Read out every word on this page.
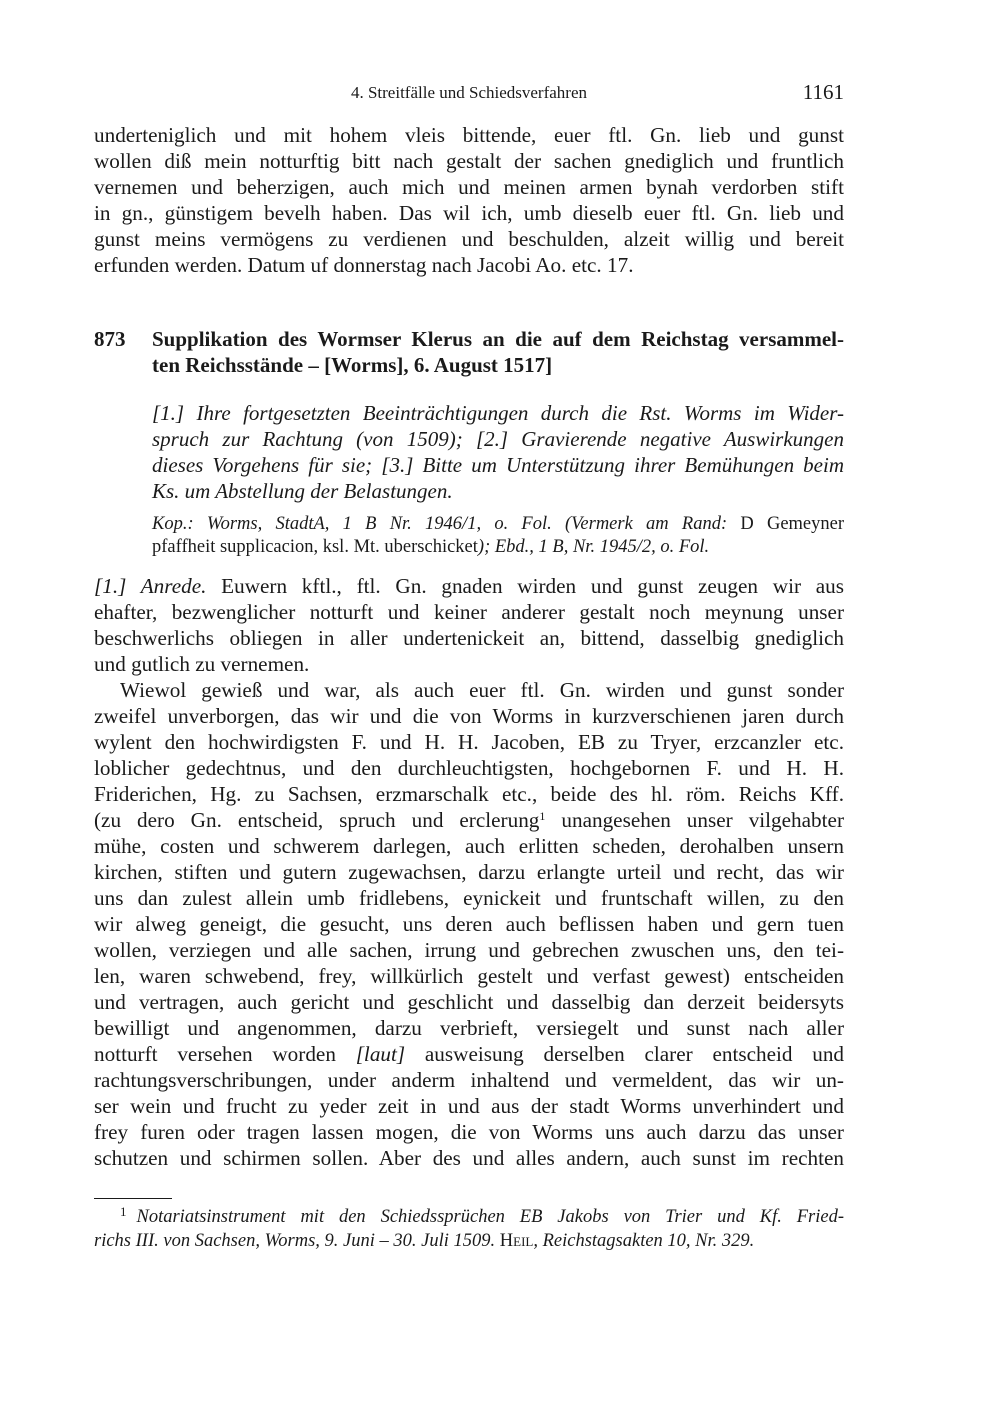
4. Streitfälle und Schiedsverfahren	1161
underteniglich und mit hohem vleis bittende, euer ftl. Gn. lieb und gunst
wollen diß mein notturftig bitt nach gestalt der sachen gnediglich und fruntlich
vernemen und beherzigen, auch mich und meinen armen bynah verdorben stift
in gn., günstigem bevelh haben. Das wil ich, umb dieselb euer ftl. Gn. lieb und
gunst meins vermögens zu verdienen und beschulden, alzeit willig und bereit
erfunden werden. Datum uf donnerstag nach Jacobi Ao. etc. 17.
873 Supplikation des Wormser Klerus an die auf dem Reichstag versammel-
ten Reichsstände – [Worms], 6. August 1517]
[1.] Ihre fortgesetzten Beeinträchtigungen durch die Rst. Worms im Wider-
spruch zur Rachtung (von 1509); [2.] Gravierende negative Auswirkungen
dieses Vorgehens für sie; [3.] Bitte um Unterstützung ihrer Bemühungen beim
Ks. um Abstellung der Belastungen.
Kop.: Worms, StadtA, 1 B Nr. 1946/1, o. Fol. (Vermerk am Rand: D Gemeyner
pfaffheit supplicacion, ksl. Mt. uberschicket); Ebd., 1 B, Nr. 1945/2, o. Fol.
[1.] Anrede. Euwern kftl., ftl. Gn. gnaden wirden und gunst zeugen wir aus
ehafter, bezwenglicher notturft und keiner anderer gestalt noch meynung unser
beschwerlichs obliegen in aller undertenickeit an, bittend, dasselbig gnediglich
und gutlich zu vernemen.
Wiewol gewieß und war, als auch euer ftl. Gn. wirden und gunst sonder
zweifel unverborgen, das wir und die von Worms in kurzverschienen jaren durch
wylent den hochwirdigsten F. und H. H. Jacoben, EB zu Tryer, erzcanzler etc.
loblicher gedechtnus, und den durchleuchtigsten, hochgebornen F. und H. H.
Friderichen, Hg. zu Sachsen, erzmarschalk etc., beide des hl. röm. Reichs Kff.
(zu dero Gn. entscheid, spruch und erclerung$^1$ unangesehen unser vilgehabter
mühe, costen und schwerem darlegen, auch erlitten scheden, derohalben unsern
kirchen, stiften und gutern zugewachsen, darzu erlangte urteil und recht, das wir
uns dan zulest allein umb fridlebens, eynickeit und fruntschaft willen, zu den
wir alweg geneigt, die gesucht, uns deren auch beflissen haben und gern tuen
wollen, verziegen und alle sachen, irrung und gebrechen zwuschen uns, den tei-
len, waren schwebend, frey, willkürlich gestelt und verfast gewest) entscheiden
und vertragen, auch gericht und geschlicht und dasselbig dan derzeit beidersyts
bewilligt und angenommen, darzu verbrieft, versiegelt und sunst nach aller
notturft versehen worden [laut] ausweisung derselben clarer entscheid und
rachtungsverschribungen, under anderm inhaltend und vermeldent, das wir un-
ser wein und frucht zu yeder zeit in und aus der stadt Worms unverhindert und
frey furen oder tragen lassen mogen, die von Worms uns auch darzu das unser
schutzen und schirmen sollen. Aber des und alles andern, auch sunst im rechten
$^1$ Notariatsinstrument mit den Schiedssprüchen EB Jakobs von Trier und Kf. Fried-
richs III. von Sachsen, Worms, 9. Juni – 30. Juli 1509. Heil, Reichstagsakten 10, Nr. 329.
